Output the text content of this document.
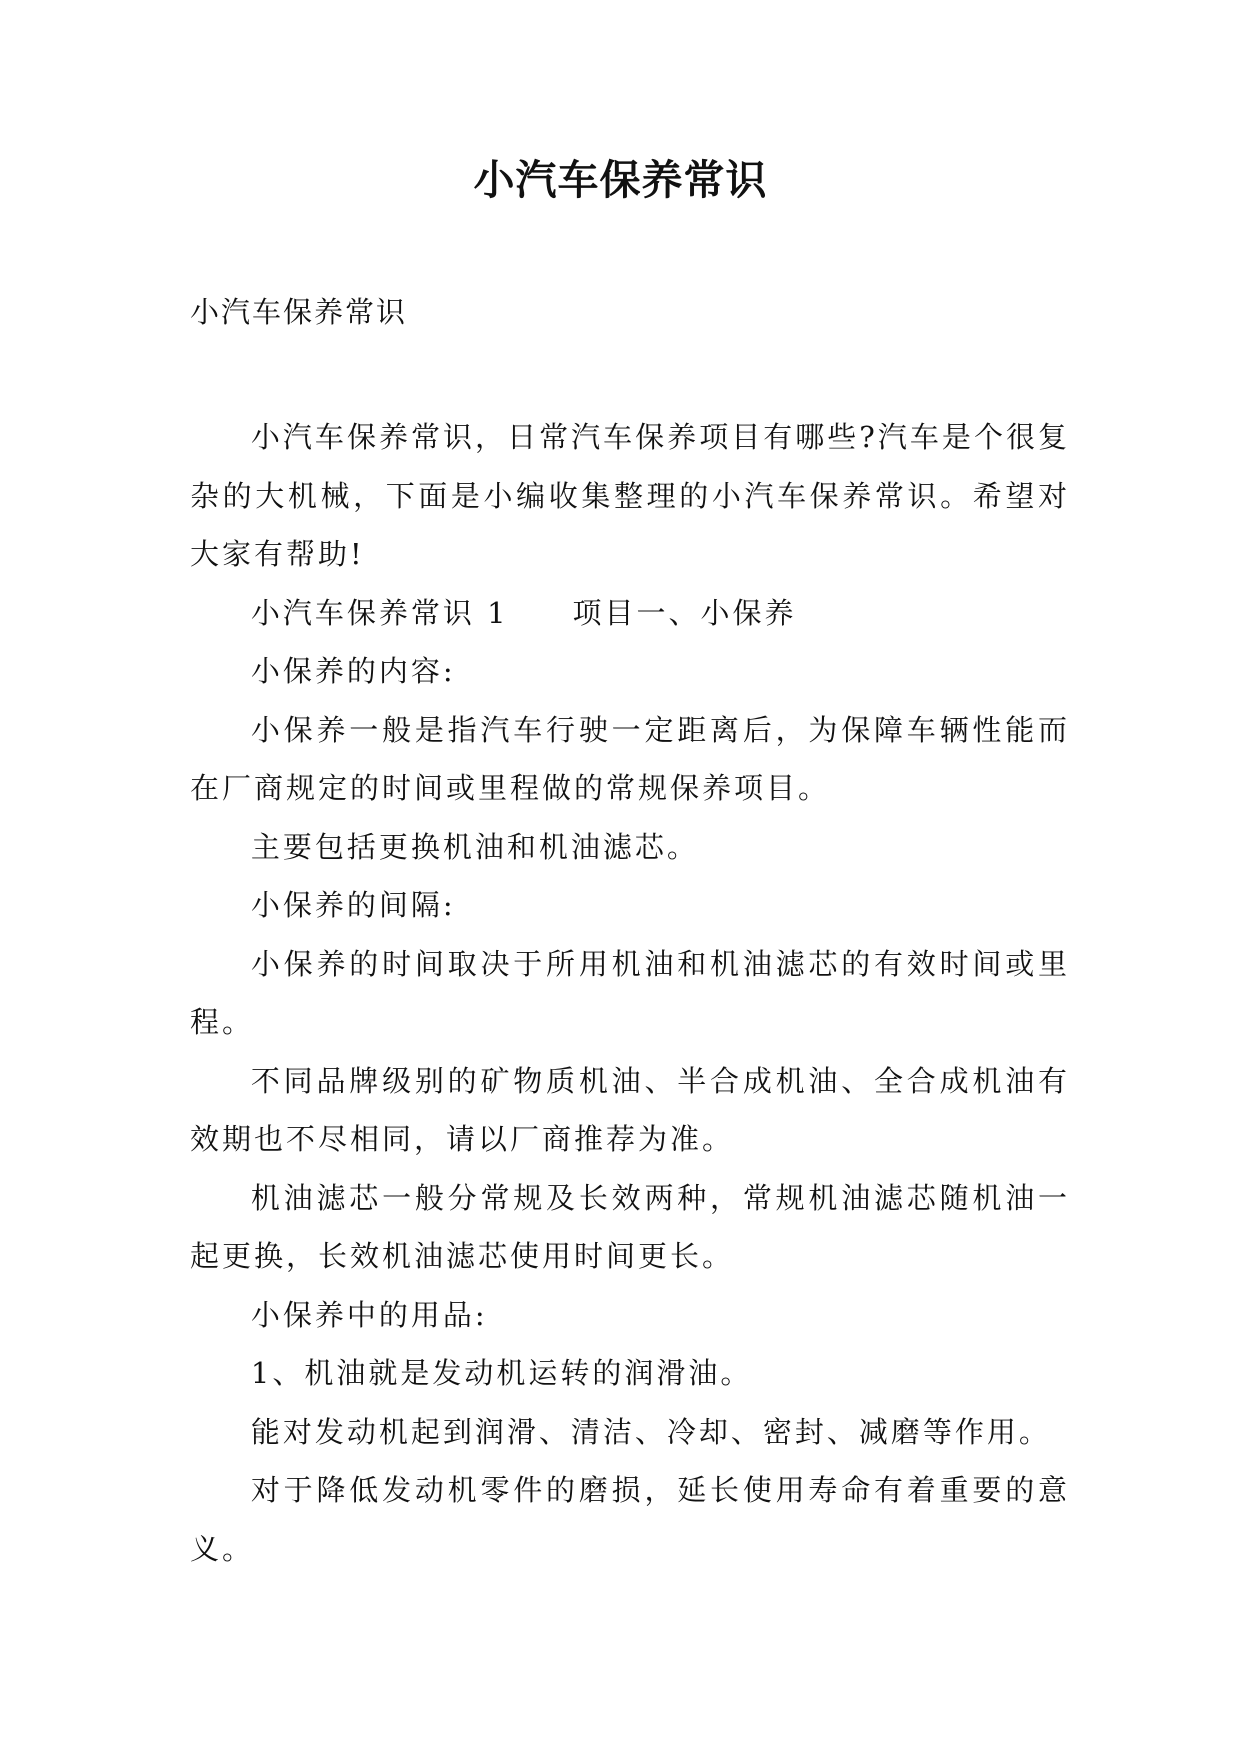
小汽车保养常识
小汽车保养常识

小汽车保养常识，日常汽车保养项目有哪些?汽车是个很复杂的大机械，下面是小编收集整理的小汽车保养常识。希望对大家有帮助!

小汽车保养常识 1　　项目一、小保养

小保养的内容:

小保养一般是指汽车行驶一定距离后，为保障车辆性能而在厂商规定的时间或里程做的常规保养项目。

主要包括更换机油和机油滤芯。

小保养的间隔:

小保养的时间取决于所用机油和机油滤芯的有效时间或里程。

不同品牌级别的矿物质机油、半合成机油、全合成机油有效期也不尽相同，请以厂商推荐为准。

机油滤芯一般分常规及长效两种，常规机油滤芯随机油一起更换，长效机油滤芯使用时间更长。

小保养中的用品:

1、机油就是发动机运转的润滑油。

能对发动机起到润滑、清洁、冷却、密封、减磨等作用。

对于降低发动机零件的磨损，延长使用寿命有着重要的意义。
